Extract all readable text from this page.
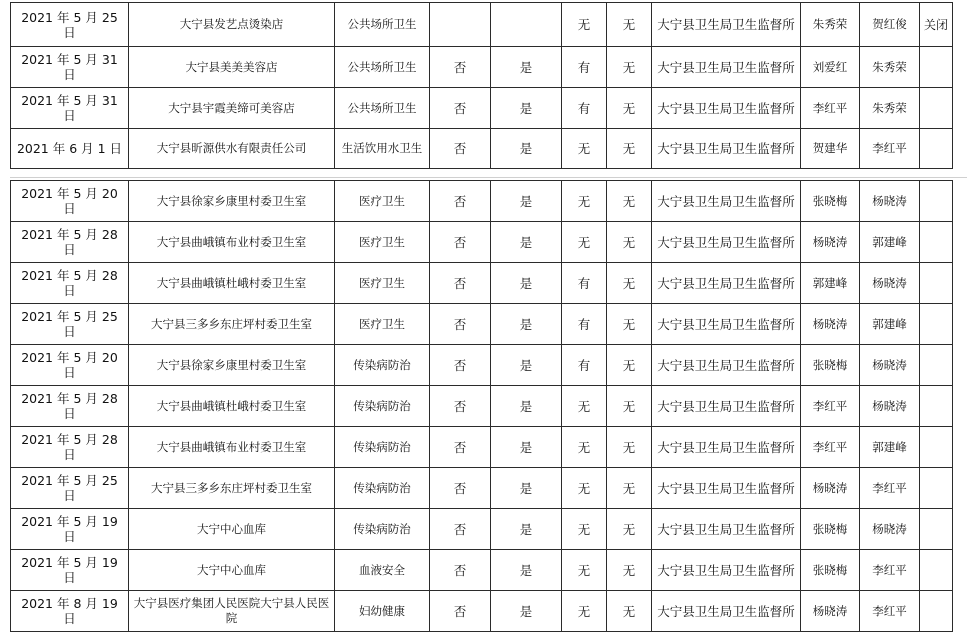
2021 年 5 月 25 日	大宁县发艺点烫染店	公共场所卫生			无	无	大宁县卫生局卫生监督所	朱秀荣	贺红俊	关闭
2021 年 5 月 31 日	大宁县美美美容店	公共场所卫生	否	是	有	无	大宁县卫生局卫生监督所	刘爱红	朱秀荣	
2021 年 5 月 31 日	大宁县宇霞美缔可美容店	公共场所卫生	否	是	有	无	大宁县卫生局卫生监督所	李红平	朱秀荣	
2021 年 6 月 1 日	大宁县昕源供水有限责任公司	生活饮用水卫生	否	是	无	无	大宁县卫生局卫生监督所	贺建华	李红平	
2021 年 5 月 20 日	大宁县徐家乡康里村委卫生室	医疗卫生	否	是	无	无	大宁县卫生局卫生监督所	张晓梅	杨晓涛	
2021 年 5 月 28 日	大宁县曲峨镇布业村委卫生室	医疗卫生	否	是	无	无	大宁县卫生局卫生监督所	杨晓涛	郭建峰	
2021 年 5 月 28 日	大宁县曲峨镇杜峨村委卫生室	医疗卫生	否	是	有	无	大宁县卫生局卫生监督所	郭建峰	杨晓涛	
2021 年 5 月 25 日	大宁县三多乡东庄坪村委卫生室	医疗卫生	否	是	有	无	大宁县卫生局卫生监督所	杨晓涛	郭建峰	
2021 年 5 月 20 日	大宁县徐家乡康里村委卫生室	传染病防治	否	是	有	无	大宁县卫生局卫生监督所	张晓梅	杨晓涛	
2021 年 5 月 28 日	大宁县曲峨镇杜峨村委卫生室	传染病防治	否	是	无	无	大宁县卫生局卫生监督所	李红平	杨晓涛	
2021 年 5 月 28 日	大宁县曲峨镇布业村委卫生室	传染病防治	否	是	无	无	大宁县卫生局卫生监督所	李红平	郭建峰	
2021 年 5 月 25 日	大宁县三多乡东庄坪村委卫生室	传染病防治	否	是	无	无	大宁县卫生局卫生监督所	杨晓涛	李红平	
2021 年 5 月 19 日	大宁中心血库	传染病防治	否	是	无	无	大宁县卫生局卫生监督所	张晓梅	杨晓涛	
2021 年 5 月 19 日	大宁中心血库	血液安全	否	是	无	无	大宁县卫生局卫生监督所	张晓梅	李红平	
2021 年 8 月 19 日	大宁县医疗集团人民医院大宁县人民医院	妇幼健康	否	是	无	无	大宁县卫生局卫生监督所	杨晓涛	李红平	
